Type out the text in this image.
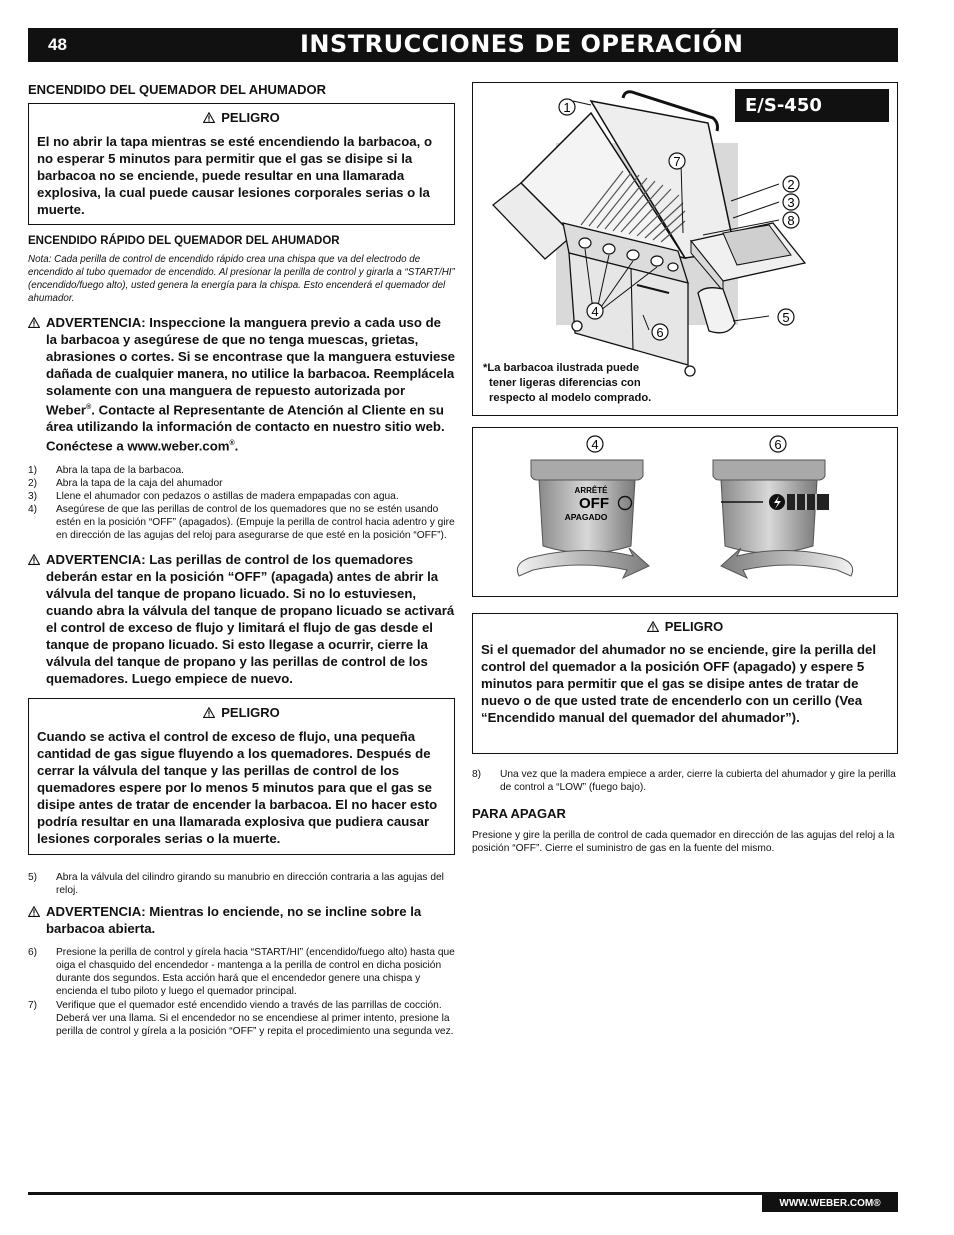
48	INSTRUCCIONES DE OPERACIÓN
ENCENDIDO DEL QUEMADOR DEL AHUMADOR
PELIGRO
El no abrir la tapa mientras se esté encendiendo la barbacoa, o no esperar 5 minutos para permitir que el gas se disipe si la barbacoa no se enciende, puede resultar en una llamarada explosiva, la cual puede causar lesiones corporales serias o la muerte.
ENCENDIDO RÁPIDO DEL QUEMADOR DEL AHUMADOR
Nota: Cada perilla de control de encendido rápido crea una chispa que va del electrodo de encendido al tubo quemador de encendido. Al presionar la perilla de control y girarla a “START/HI” (encendido/fuego alto), usted genera la energía para la chispa. Esto encenderá el quemador del ahumador.
ADVERTENCIA: Inspeccione la manguera previo a cada uso de la barbacoa y asegúrese de que no tenga muescas, grietas, abrasiones o cortes. Si se encontrase que la manguera estuviese dañada de cualquier manera, no utilice la barbacoa. Reemplácela solamente con una manguera de repuesto autorizada por Weber®. Contacte al Representante de Atención al Cliente en su área utilizando la información de contacto en nuestro sitio web.
Conéctese a www.weber.com®.
1) Abra la tapa de la barbacoa.
2) Abra la tapa de la caja del ahumador
3) Llene el ahumador con pedazos o astillas de madera empapadas con agua.
4) Asegúrese de que las perillas de control de los quemadores que no se estén usando estén en la posición “OFF” (apagados). (Empuje la perilla de control hacia adentro y gire en dirección de las agujas del reloj para asegurarse de que esté en la posición “OFF”).
ADVERTENCIA: Las perillas de control de los quemadores deberán estar en la posición “OFF” (apagada) antes de abrir la válvula del tanque de propano licuado. Si no lo estuviesen, cuando abra la válvula del tanque de propano licuado se activará el control de exceso de flujo y limitará el flujo de gas desde el tanque de propano licuado. Si esto llegase a ocurrir, cierre la válvula del tanque de propano y las perillas de control de los quemadores. Luego empiece de nuevo.
PELIGRO
Cuando se activa el control de exceso de flujo, una pequeña cantidad de gas sigue fluyendo a los quemadores. Después de cerrar la válvula del tanque y las perillas de control de los quemadores espere por lo menos 5 minutos para que el gas se disipe antes de tratar de encender la barbacoa. El no hacer esto podría resultar en una llamarada explosiva que pudiera causar lesiones corporales serias o la muerte.
5) Abra la válvula del cilindro girando su manubrio en dirección contraria a las agujas del reloj.
ADVERTENCIA: Mientras lo enciende, no se incline sobre la barbacoa abierta.
6) Presione la perilla de control y gírela hacia “START/HI” (encendido/fuego alto) hasta que oiga el chasquido del encendedor - mantenga a la perilla de control en dicha posición durante dos segundos. Esta acción hará que el encendedor genere una chispa y encienda el tubo piloto y luego el quemador principal.
7) Verifique que el quemador esté encendido viendo a través de las parrillas de cocción. Deberá ver una llama. Si el encendedor no se encendiese al primer intento, presione la perilla de control y gírela a la posición “OFF” y repita el procedimiento una segunda vez.
E/S-450
1
7
2
3
8
4
6
5
*La barbacoa ilustrada puede
tener ligeras diferencias con
respecto al modelo comprado.
4	6
ARRÊTÉ
OFF
APAGADO
PELIGRO
Si el quemador del ahumador no se enciende, gire la perilla del control del quemador a la posición OFF (apagado) y espere 5 minutos para permitir que el gas se disipe antes de tratar de nuevo o de que usted trate de encenderlo con un cerillo (Vea “Encendido manual del quemador del ahumador”).
8) Una vez que la madera empiece a arder, cierre la cubierta del ahumador y gire la perilla de control a “LOW” (fuego bajo).
PARA APAGAR
Presione y gire la perilla de control de cada quemador en dirección de las agujas del reloj a la posición “OFF”. Cierre el suministro de gas en la fuente del mismo.
WWW.WEBER.COM®
